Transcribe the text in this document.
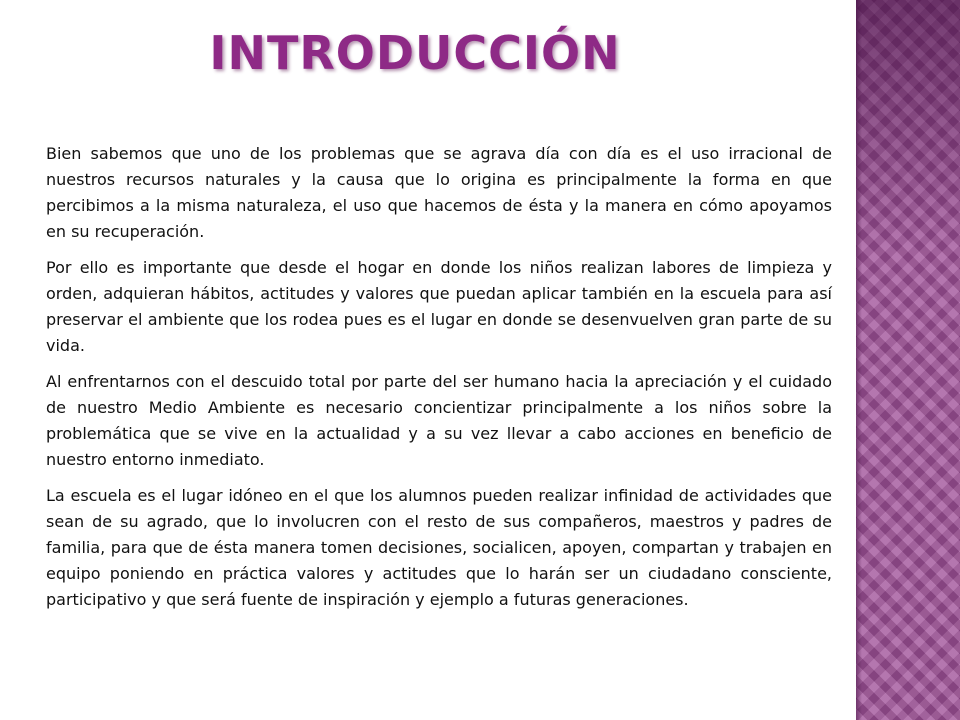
INTRODUCCIÓN

Bien sabemos que uno de los problemas que se agrava día con día es el uso irracional de nuestros recursos naturales y la causa que lo origina es principalmente la forma en que percibimos a la misma naturaleza, el uso que hacemos de ésta y la manera en cómo apoyamos en su recuperación.

Por ello es importante que desde el hogar en donde los niños realizan labores de limpieza y orden, adquieran hábitos, actitudes y valores que puedan aplicar también en la escuela para así preservar el ambiente que los rodea pues es el lugar en donde se desenvuelven gran parte de su vida.

Al enfrentarnos con el descuido total por parte del ser humano hacia la apreciación y el cuidado de nuestro Medio Ambiente es necesario concientizar principalmente a los niños sobre la problemática que se vive en la actualidad y a su vez llevar a cabo acciones en beneficio de nuestro entorno inmediato.

La escuela es el lugar idóneo en el que los alumnos pueden realizar infinidad de actividades que sean de su agrado, que lo involucren con el resto de sus compañeros, maestros y padres de familia, para que de ésta manera tomen decisiones, socialicen, apoyen, compartan y trabajen en equipo poniendo en práctica valores y actitudes que lo harán ser un ciudadano consciente, participativo y que será fuente de inspiración y ejemplo a futuras generaciones.
